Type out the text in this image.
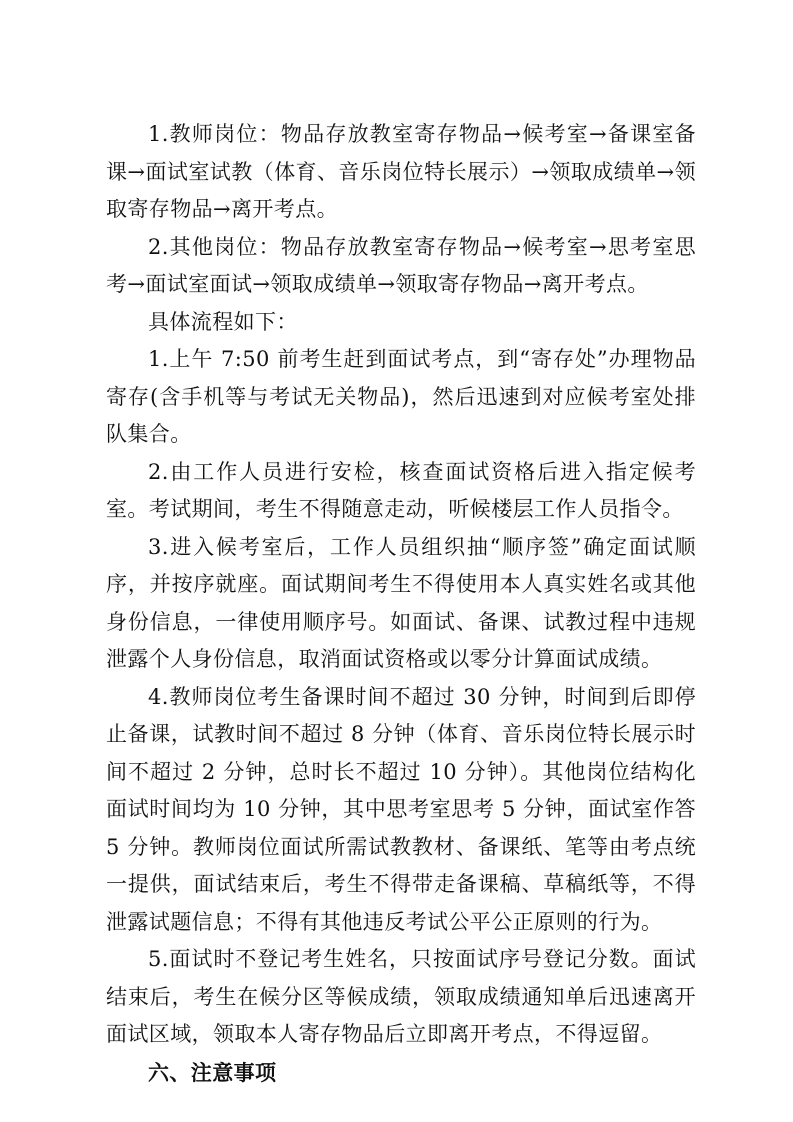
1.教师岗位：物品存放教室寄存物品→候考室→备课室备课→面试室试教（体育、音乐岗位特长展示）→领取成绩单→领取寄存物品→离开考点。

2.其他岗位：物品存放教室寄存物品→候考室→思考室思考→面试室面试→领取成绩单→领取寄存物品→离开考点。

具体流程如下：

1.上午 7:50 前考生赶到面试考点，到“寄存处”办理物品寄存(含手机等与考试无关物品)，然后迅速到对应候考室处排队集合。

2.由工作人员进行安检，核查面试资格后进入指定候考室。考试期间，考生不得随意走动，听候楼层工作人员指令。

3.进入候考室后，工作人员组织抽“顺序签”确定面试顺序，并按序就座。面试期间考生不得使用本人真实姓名或其他身份信息，一律使用顺序号。如面试、备课、试教过程中违规泄露个人身份信息，取消面试资格或以零分计算面试成绩。

4.教师岗位考生备课时间不超过 30 分钟，时间到后即停止备课，试教时间不超过 8 分钟（体育、音乐岗位特长展示时间不超过 2 分钟，总时长不超过 10 分钟）。其他岗位结构化面试时间均为 10 分钟，其中思考室思考 5 分钟，面试室作答 5 分钟。教师岗位面试所需试教教材、备课纸、笔等由考点统一提供，面试结束后，考生不得带走备课稿、草稿纸等，不得泄露试题信息；不得有其他违反考试公平公正原则的行为。

5.面试时不登记考生姓名，只按面试序号登记分数。面试结束后，考生在候分区等候成绩，领取成绩通知单后迅速离开面试区域，领取本人寄存物品后立即离开考点，不得逗留。

六、注意事项
